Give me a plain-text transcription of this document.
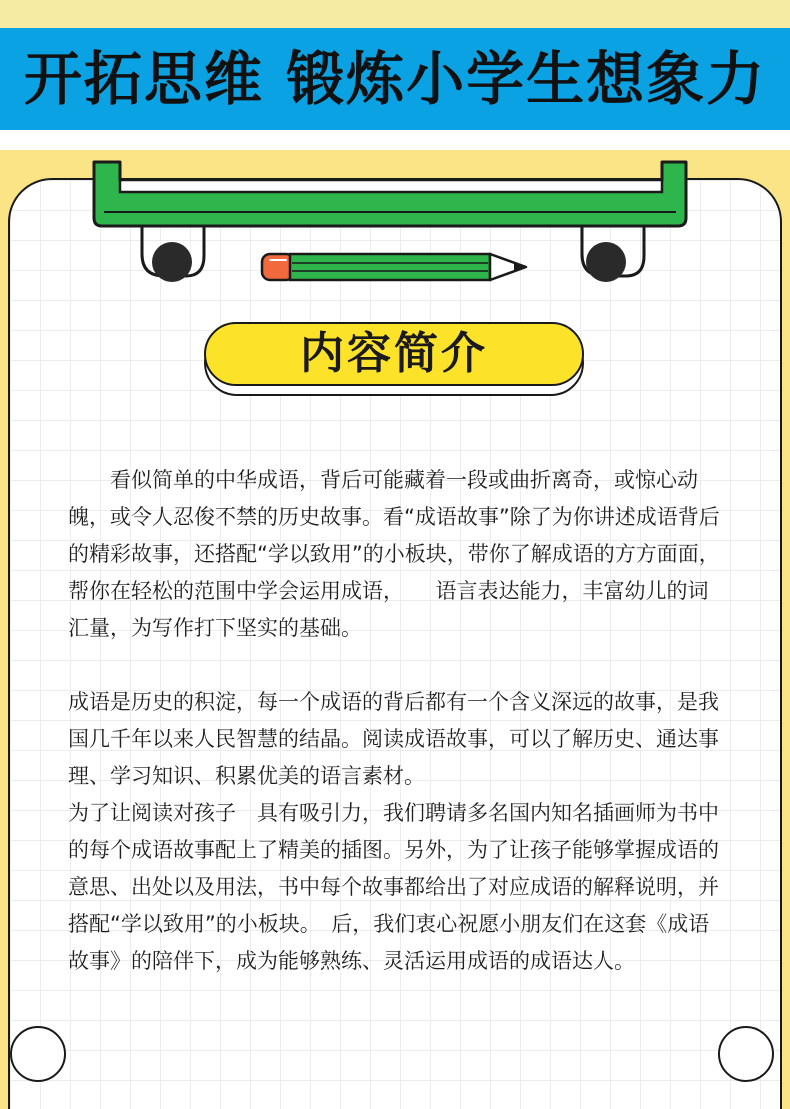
开拓思维 锻炼小学生想象力
内容简介

看似简单的中华成语，背后可能藏着一段或曲折离奇，或惊心动魄，或令人忍俊不禁的历史故事。看“成语故事”除了为你讲述成语背后的精彩故事，还搭配“学以致用”的小板块，带你了解成语的方方面面，帮你在轻松的范围中学会运用成语，　　语言表达能力，丰富幼儿的词汇量，为写作打下坚实的基础。

成语是历史的积淀，每一个成语的背后都有一个含义深远的故事，是我国几千年以来人民智慧的结晶。阅读成语故事，可以了解历史、通达事理、学习知识、积累优美的语言素材。

为了让阅读对孩子　具有吸引力，我们聘请多名国内知名插画师为书中的每个成语故事配上了精美的插图。另外，为了让孩子能够掌握成语的意思、出处以及用法，书中每个故事都给出了对应成语的解释说明，并搭配“学以致用”的小板块。　后，我们衷心祝愿小朋友们在这套《成语故事》的陪伴下，成为能够熟练、灵活运用成语的成语达人。
